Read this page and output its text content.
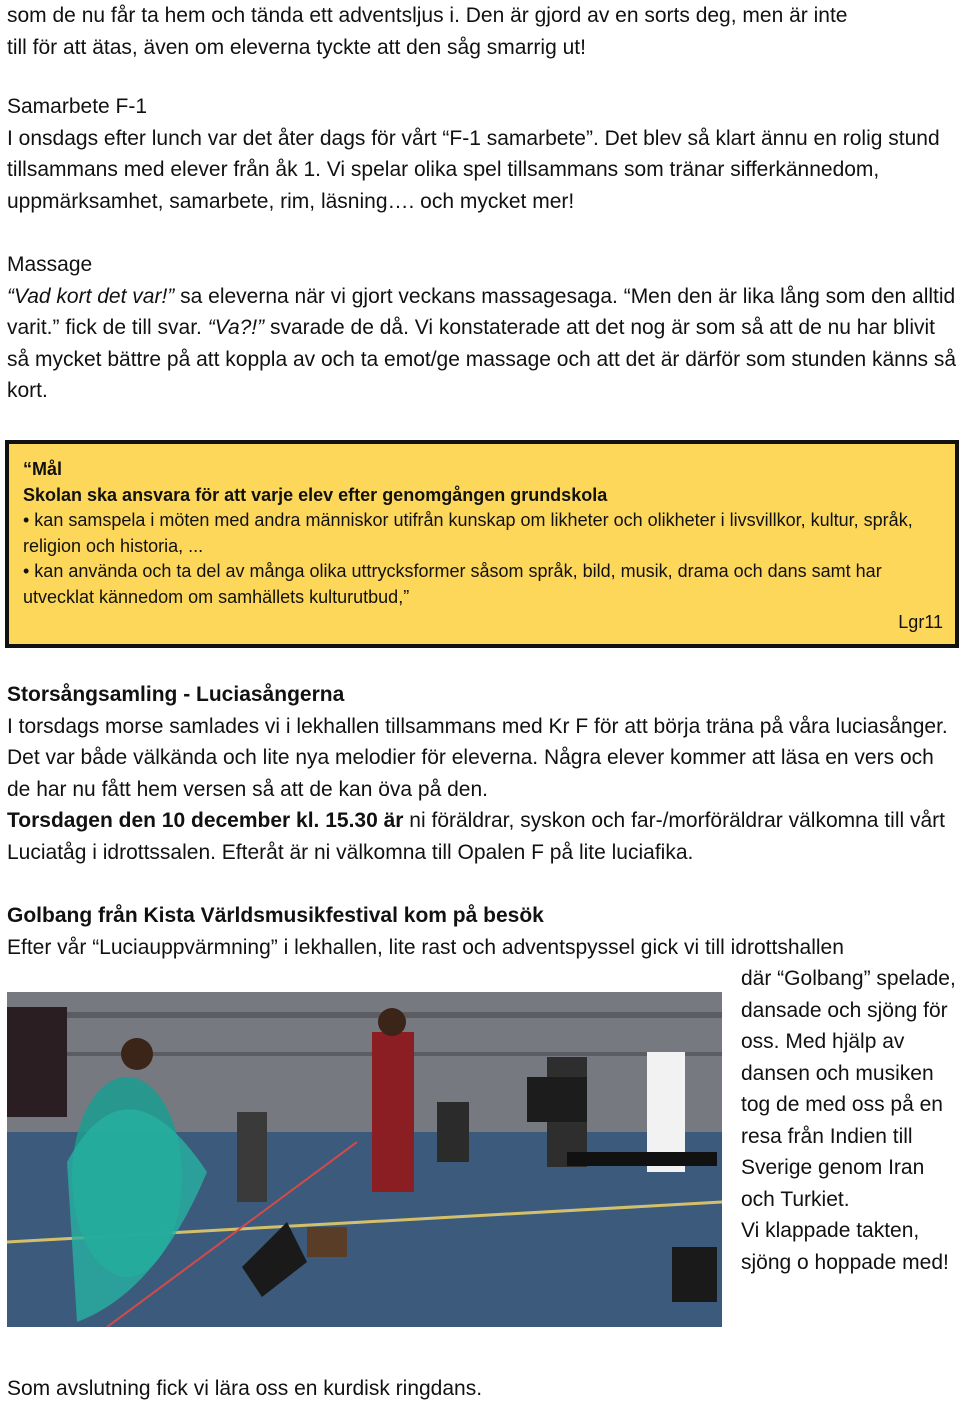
som de nu får ta hem och tända ett adventsljus i. Den är gjord av en sorts deg, men är inte
till för att ätas, även om eleverna tyckte att den såg smarrig ut!
Samarbete F-1
I onsdags efter lunch var det åter dags för vårt “F-1 samarbete”. Det blev så klart ännu en rolig stund tillsammans med elever från åk 1. Vi spelar olika spel tillsammans som tränar sifferkännedom, uppmärksamhet, samarbete, rim, läsning…. och mycket mer!
Massage
“Vad kort det var!” sa eleverna när vi gjort veckans massagesaga. “Men den är lika lång som den alltid varit.” fick de till svar. “Va?!” svarade de då. Vi konstaterade att det nog är som så att de nu har blivit så mycket bättre på att koppla av och ta emot/ge massage och att det är därför som stunden känns så kort.
“Mål
Skolan ska ansvara för att varje elev efter genomgången grundskola
• kan samspela i möten med andra människor utifrån kunskap om likheter och olikheter i livsvillkor, kultur, språk, religion och historia, ...
• kan använda och ta del av många olika uttrycksformer såsom språk, bild, musik, drama och dans samt har utvecklat kännedom om samhällets kulturutbud,”
Lgr11
Storsångsamling - Luciasångerna
I torsdags morse samlades vi i lekhallen tillsammans med Kr F för att börja träna på våra luciasånger. Det var både välkända och lite nya melodier för eleverna. Några elever kommer att läsa en vers och de har nu fått hem versen så att de kan öva på den.
Torsdagen den 10 december kl. 15.30 är ni föräldrar, syskon och far-/morföräldrar välkomna till vårt Luciatåg i idrottssalen. Efteråt är ni välkomna till Opalen F på lite luciafika.
Golbang från Kista Världsmusikfestival kom på besök
Efter vår “Luciauppvärmning” i lekhallen, lite rast och adventspyssel gick vi till idrottshallen
där “Golbang” spelade, dansade och sjöng för oss. Med hjälp av dansen och musiken tog de med oss på en resa från Indien till Sverige genom Iran och Turkiet.
Vi klappade takten, sjöng o hoppade med!
Som avslutning fick vi lära oss en kurdisk ringdans.
